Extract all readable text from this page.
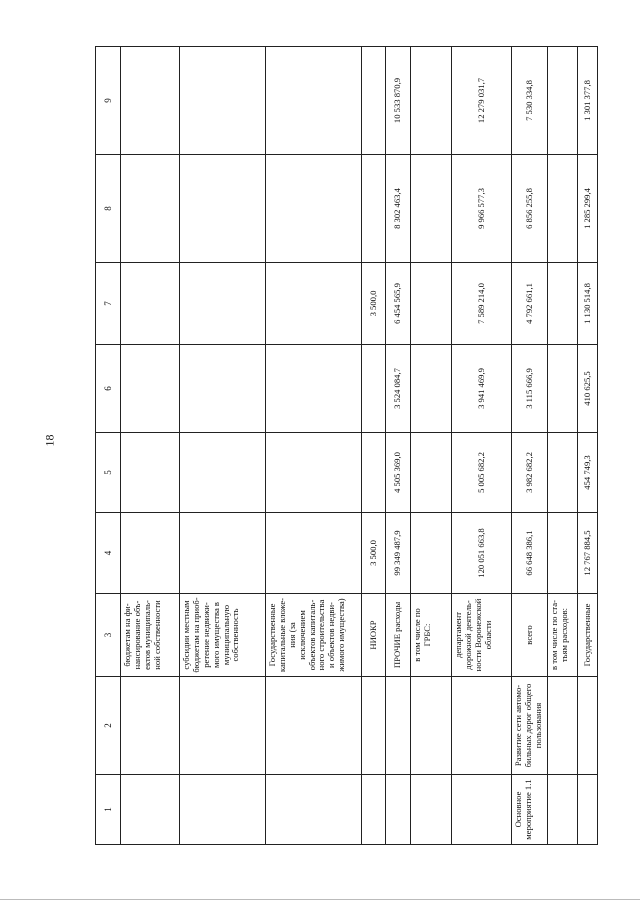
18
1	2	3	4	5	6	7	8	9
		бюджетам на фи-нансирование объ-ектов муниципаль-ной собственности						
		субсидии местным бюджетам на приоб-ретение недвижи-мого имущества в муниципальную собственность						
		Государственные капитальные вложе-ния (за исключением объектов капиталь-ного строительства и объектов недви-жимого имущества)						
		НИОКР	3 500,0			3 500,0		
		ПРОЧИЕ расходы	99 349 487,9	4 505 369,0	3 524 084,7	6 454 565,9	8 302 463,4	10 533 870,9
		в том числе по ГРБС:						
		департамент дорожной деятель-ности Воронежской области	120 051 663,8	5 005 682,2	3 941 469,9	7 589 214,0	9 966 577,3	12 279 031,7
Основное мероприятие 1.1	Развитие сети автомо-бильных дорог общего пользования	всего	66 648 386,1	3 982 682,2	3 115 666,9	4 792 661,1	6 856 255,8	7 530 334,8
		в том числе по ста-тьям расходов:						
		Государственные	12 767 884,5	454 749,3	410 625,5	1 130 514,8	1 285 299,4	1 301 377,8
